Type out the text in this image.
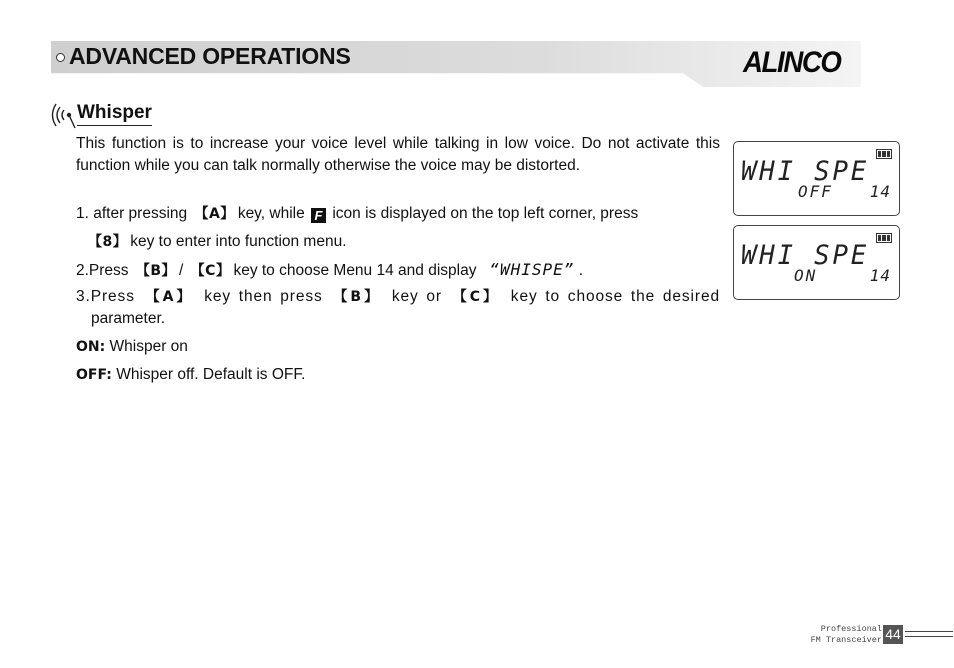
ADVANCED OPERATIONS	ALINCO
Whisper

This function is to increase your voice level while talking in low voice. Do not activate this function while you can talk normally otherwise the voice may be distorted.

1. after pressing 【A】 key, while F icon is displayed on the top left corner, press

【8】 key to enter into function menu.

2.Press 【B】 / 【C】 key to choose Menu 14 and display “WHISPE” .

3.Press 【A】 key then press 【B】 key or 【C】 key to choose the desired

parameter.

ON: Whisper on

OFF: Whisper off. Default is OFF.

WHI SPE
OFF 14
WHI SPE
ON	14
Professional
FM Transceiver 44
